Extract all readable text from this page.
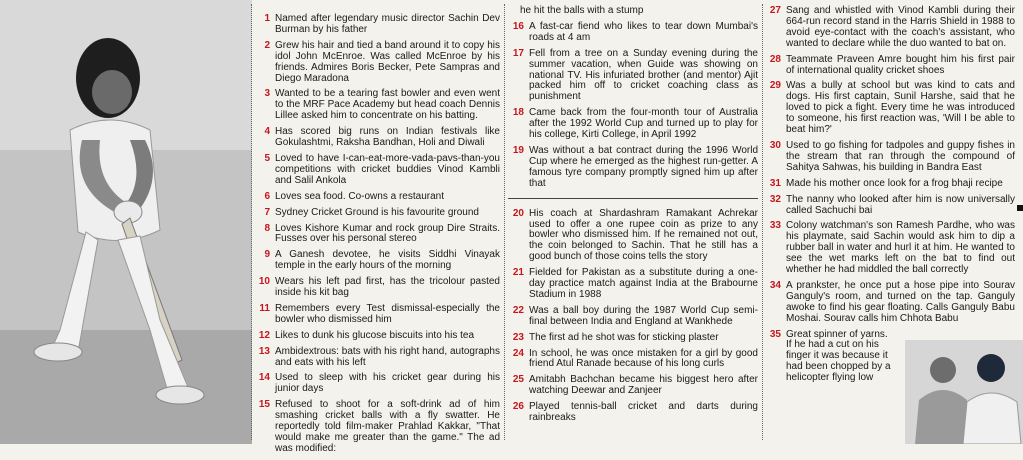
1 Named after legendary music director Sachin Dev Burman by his father
2 Grew his hair and tied a band around it to copy his idol John McEnroe. Was called McEnroe by his friends. Admires Boris Becker, Pete Sampras and Diego Maradona
3 Wanted to be a tearing fast bowler and even went to the MRF Pace Academy but head coach Dennis Lillee asked him to concentrate on his batting.
4 Has scored big runs on Indian festivals like Gokulashtmi, Raksha Bandhan, Holi and Diwali
5 Loved to have I-can-eat-more-vada-pavs-than-you competitions with cricket buddies Vinod Kambli and Salil Ankola
6 Loves sea food. Co-owns a restaurant
7 Sydney Cricket Ground is his favourite ground
8 Loves Kishore Kumar and rock group Dire Straits. Fusses over his personal stereo
9 A Ganesh devotee, he visits Siddhi Vinayak temple in the early hours of the morning
10 Wears his left pad first, has the tricolour pasted inside his kit bag
11 Remembers every Test dismissal-especially the bowler who dismissed him
12 Likes to dunk his glucose biscuits into his tea
13 Ambidextrous: bats with his right hand, autographs and eats with his left
14 Used to sleep with his cricket gear during his junior days
15 Refused to shoot for a soft-drink ad of him smashing cricket balls with a fly swatter. He reportedly told film-maker Prahlad Kakkar, "That would make me greater than the game." The ad was modified:
he hit the balls with a stump
16 A fast-car fiend who likes to tear down Mumbai's roads at 4 am
17 Fell from a tree on a Sunday evening during the summer vacation, when Guide was showing on national TV. His infuriated brother (and mentor) Ajit packed him off to cricket coaching class as punishment
18 Came back from the four-month tour of Australia after the 1992 World Cup and turned up to play for his college, Kirti College, in April 1992
19 Was without a bat contract during the 1996 World Cup where he emerged as the highest run-getter. A famous tyre company promptly signed him up after that
20 His coach at Shardashram Ramakant Achrekar used to offer a one rupee coin as prize to any bowler who dismissed him. If he remained not out, the coin belonged to Sachin. That he still has a good bunch of those coins tells the story
21 Fielded for Pakistan as a substitute during a one-day practice match against India at the Brabourne Stadium in 1988
22 Was a ball boy during the 1987 World Cup semi-final between India and England at Wankhede
23 The first ad he shot was for sticking plaster
24 In school, he was once mistaken for a girl by good friend Atul Ranade because of his long curls
25 Amitabh Bachchan became his biggest hero after watching Deewar and Zanjeer
26 Played tennis-ball cricket and darts during rainbreaks
27 Sang and whistled with Vinod Kambli during their 664-run record stand in the Harris Shield in 1988 to avoid eye-contact with the coach's assistant, who wanted to declare while the duo wanted to bat on.
28 Teammate Praveen Amre bought him his first pair of international quality cricket shoes
29 Was a bully at school but was kind to cats and dogs. His first captain, Sunil Harshe, said that he loved to pick a fight. Every time he was introduced to someone, his first reaction was, 'Will I be able to beat him?'
30 Used to go fishing for tadpoles and guppy fishes in the stream that ran through the compound of Sahitya Sahwas, his building in Bandra East
31 Made his mother once look for a frog bhaji recipe
32 The nanny who looked after him is now universally called Sachuchi bai
33 Colony watchman's son Ramesh Pardhe, who was his playmate, said Sachin would ask him to dip a rubber ball in water and hurl it at him. He wanted to see the wet marks left on the bat to find out whether he had middled the ball correctly
34 A prankster, he once put a hose pipe into Sourav Ganguly's room, and turned on the tap. Ganguly awoke to find his gear floating. Calls Ganguly Babu Moshai. Sourav calls him Chhota Babu
35 Great spinner of yarns. If he had a cut on his finger it was because it had been chopped by a helicopter flying low
